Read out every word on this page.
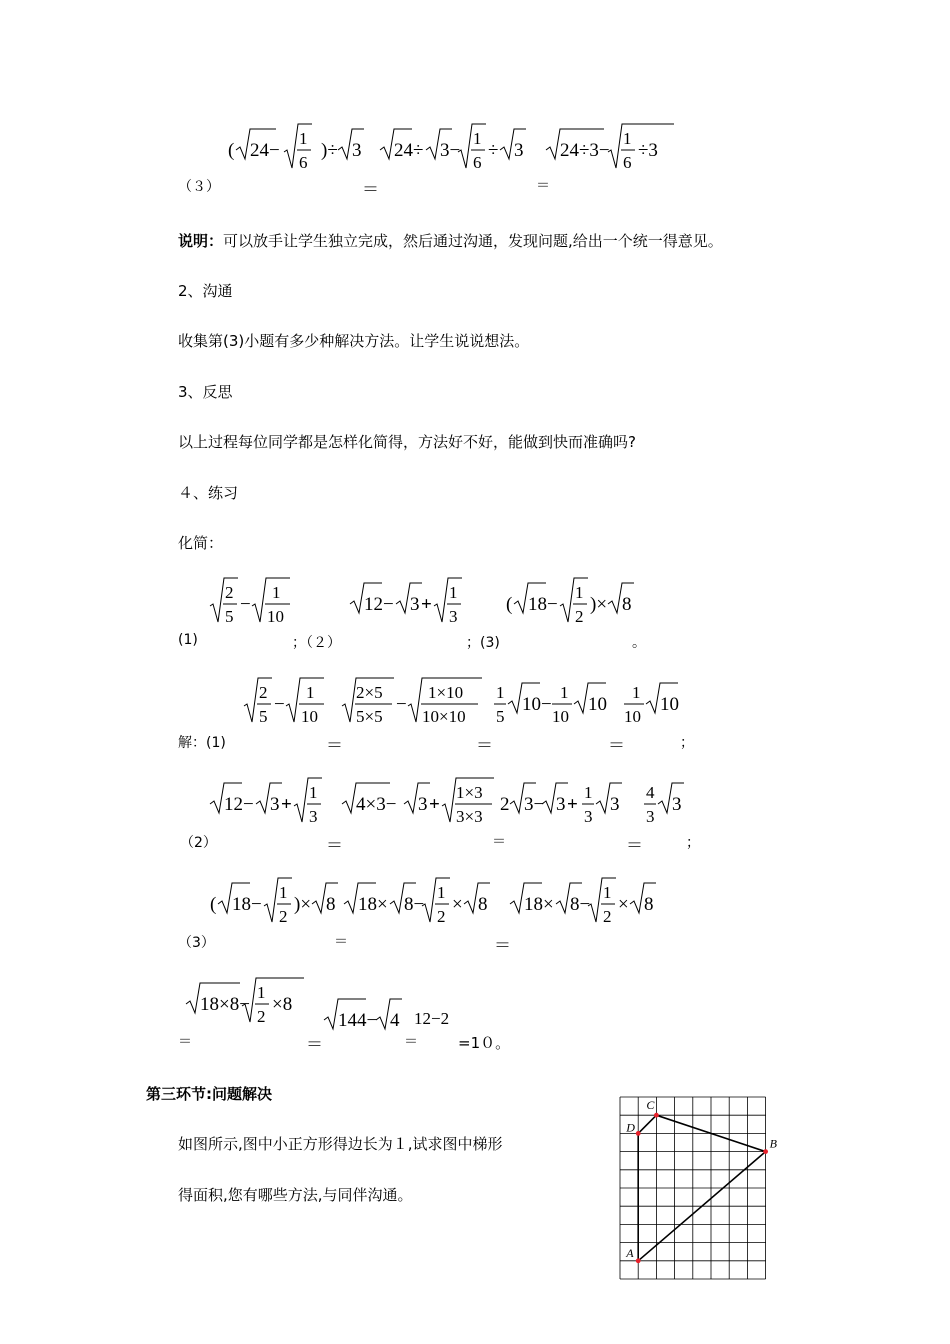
（３）	＝	＝
( 24−
1
6
)÷ 3 24÷ 3−
1
6
÷ 3 24÷3−
1
6
÷3
说明：可以放手让学生独立完成，然后通过沟通，发现问题,给出一个统一得意见。
2、沟通
收集第(3)小题有多少种解决方法。让学生说说想法。
3、反思
以上过程每位同学都是怎样化简得，方法好不好，能做到快而准确吗?
４、练习
化简：
(1)	；（２）	；(3)	。
2
5
−
1
10
12− 3 +
1
3
( 18−
1
2
)× 8
解：(1)	＝	＝	＝	；
2
5
−
1
10
2×5
5×5
−
1×10
10×10
1
5
10−
1
10
10
1
10
10
（2）	＝	＝	＝	；
12− 3 +
1
3
4×3− 3 +
1×3
3×3
2 3− 3 +
1
3
3
4
3
3
（3）	＝	＝
( 18−
1
2
)× 8 18× 8−
1
2
× 8 18× 8−
1
2
× 8
＝	＝	＝	=1０。
18×8−
1
2
×8
144− 4 12−2
第三环节:问题解决
如图所示,图中小正方形得边长为１,试求图中梯形
得面积,您有哪些方法,与同伴沟通。
A
B
C
D
